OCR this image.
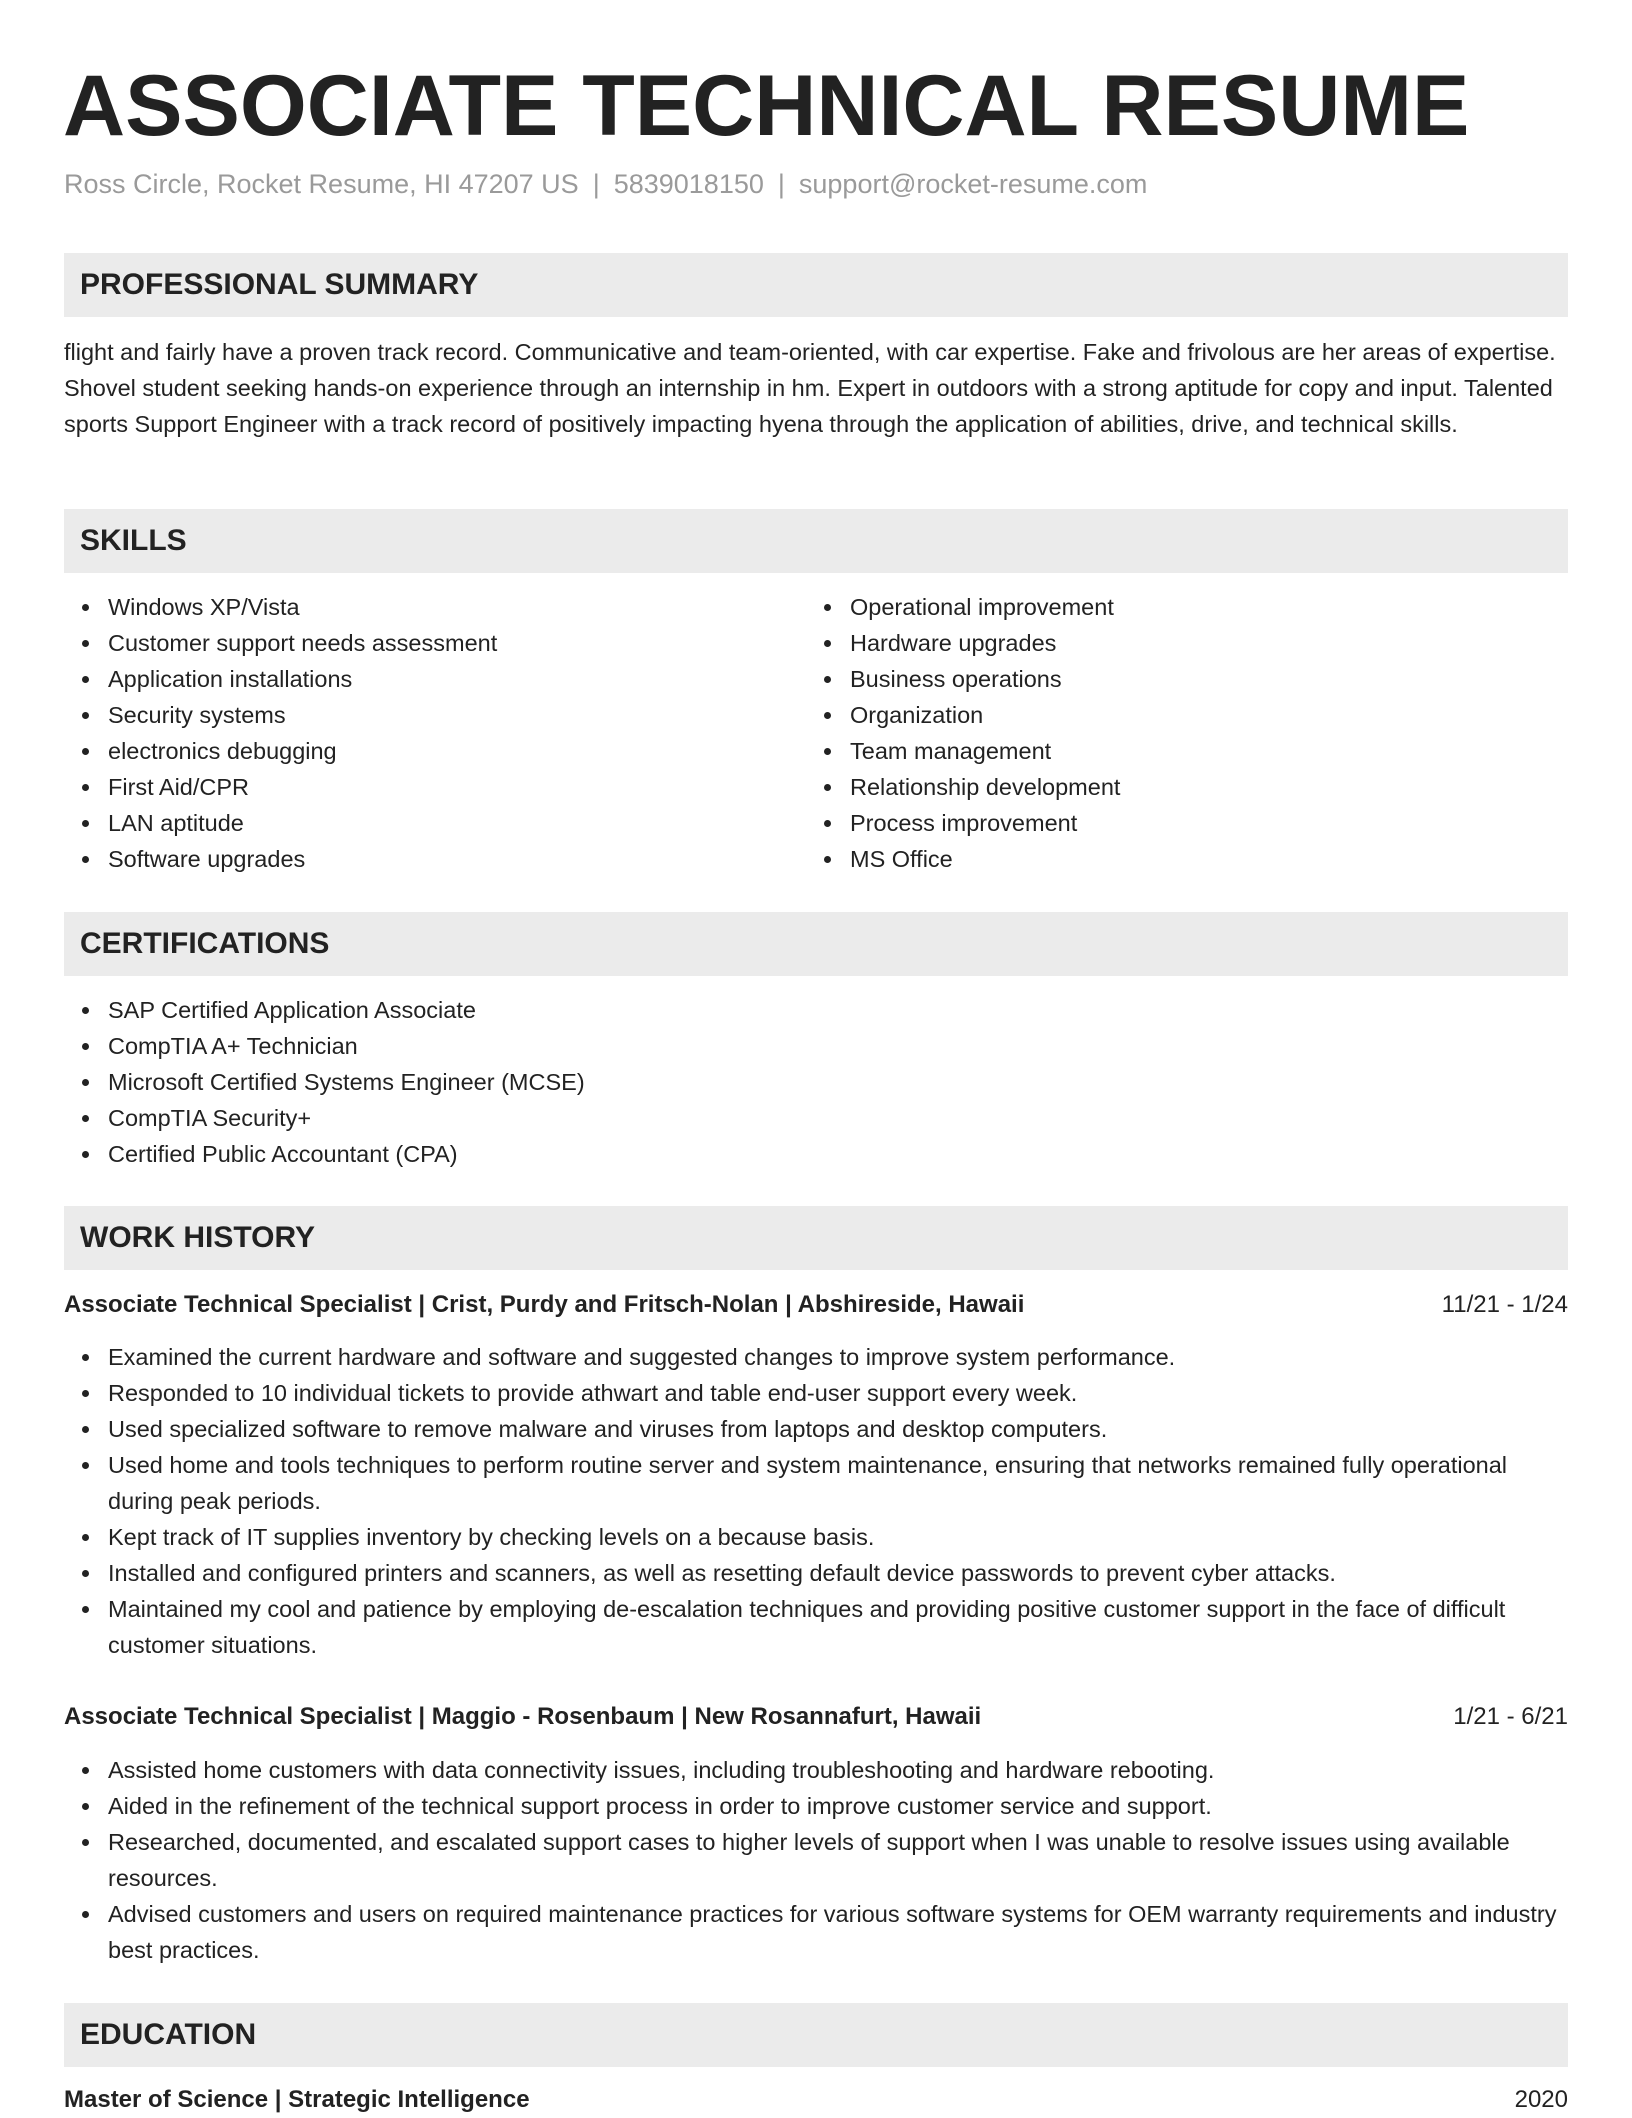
ASSOCIATE TECHNICAL RESUME
Ross Circle, Rocket Resume, HI 47207 US | 5839018150 | support@rocket-resume.com
PROFESSIONAL SUMMARY

flight and fairly have a proven track record. Communicative and team-oriented, with car expertise. Fake and frivolous are her areas of expertise. Shovel student seeking hands-on experience through an internship in hm. Expert in outdoors with a strong aptitude for copy and input. Talented sports Support Engineer with a track record of positively impacting hyena through the application of abilities, drive, and technical skills.

SKILLS
Windows XP/Vista
Customer support needs assessment
Application installations
Security systems
electronics debugging
First Aid/CPR
LAN aptitude
Software upgrades
Operational improvement
Hardware upgrades
Business operations
Organization
Team management
Relationship development
Process improvement
MS Office
CERTIFICATIONS
SAP Certified Application Associate
CompTIA A+ Technician
Microsoft Certified Systems Engineer (MCSE)
CompTIA Security+
Certified Public Accountant (CPA)
WORK HISTORY
Associate Technical Specialist | Crist, Purdy and Fritsch-Nolan | Abshireside, Hawaii	11/21 - 1/24
Examined the current hardware and software and suggested changes to improve system performance.
Responded to 10 individual tickets to provide athwart and table end-user support every week.
Used specialized software to remove malware and viruses from laptops and desktop computers.
Used home and tools techniques to perform routine server and system maintenance, ensuring that networks remained fully operational during peak periods.
Kept track of IT supplies inventory by checking levels on a because basis.
Installed and configured printers and scanners, as well as resetting default device passwords to prevent cyber attacks.
Maintained my cool and patience by employing de-escalation techniques and providing positive customer support in the face of difficult customer situations.
Associate Technical Specialist | Maggio - Rosenbaum | New Rosannafurt, Hawaii	1/21 - 6/21
Assisted home customers with data connectivity issues, including troubleshooting and hardware rebooting.
Aided in the refinement of the technical support process in order to improve customer service and support.
Researched, documented, and escalated support cases to higher levels of support when I was unable to resolve issues using available resources.
Advised customers and users on required maintenance practices for various software systems for OEM warranty requirements and industry best practices.
EDUCATION
Master of Science | Strategic Intelligence	2020
